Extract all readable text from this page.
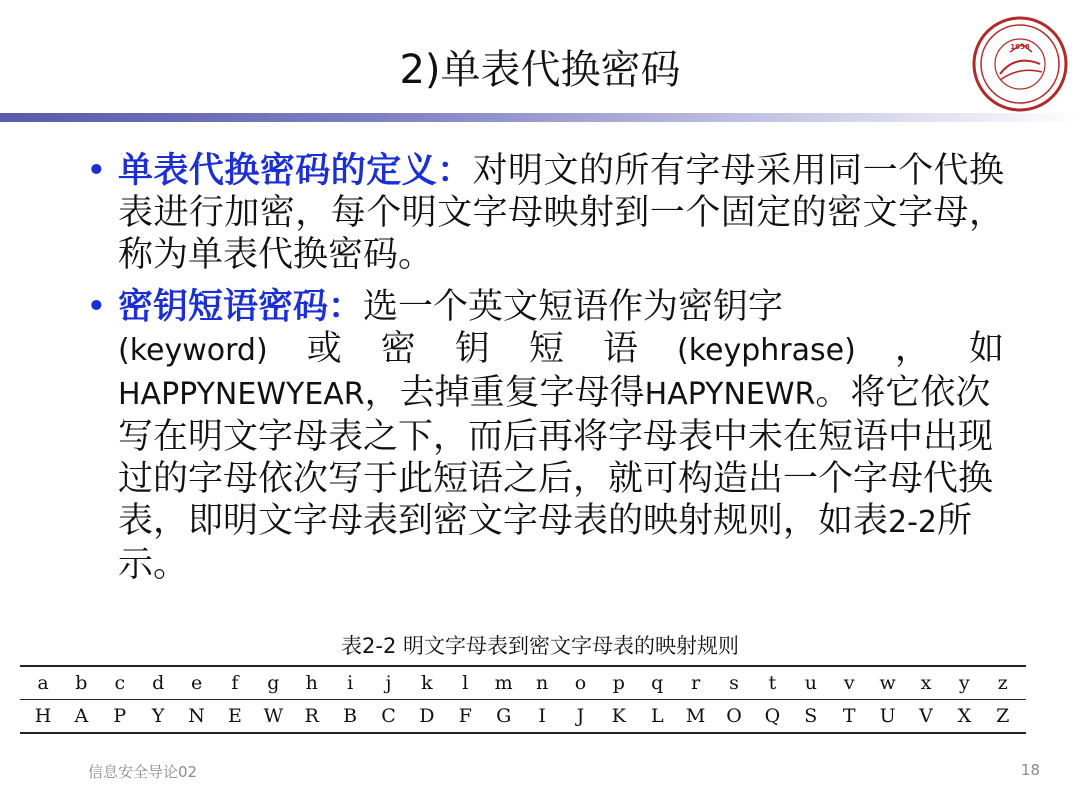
2)单表代换密码	1958
• 单表代换密码的定义：对明文的所有字母采用同一个代换表进行加密，每个明文字母映射到一个固定的密文字母，称为单表代换密码。
• 密钥短语密码：选一个英文短语作为密钥字
(keyword) 或 密 钥 短 语 (keyphrase) ， 如
HAPPYNEWYEAR，去掉重复字母得HAPYNEWR。将它依次写在明文字母表之下，而后再将字母表中未在短语中出现过的字母依次写于此短语之后，就可构造出一个字母代换表，即明文字母表到密文字母表的映射规则，如表2-2所示。
表2-2 明文字母表到密文字母表的映射规则
a	b	c	d	e	f	g	h	i	j	k	l	m	n	o	p	q	r	s	t	u	v	w	x	y	z
H	A	P	Y	N	E	W	R	B	C	D	F	G	I	J	K	L	M	O	Q	S	T	U	V	X	Z
信息安全导论02	18
